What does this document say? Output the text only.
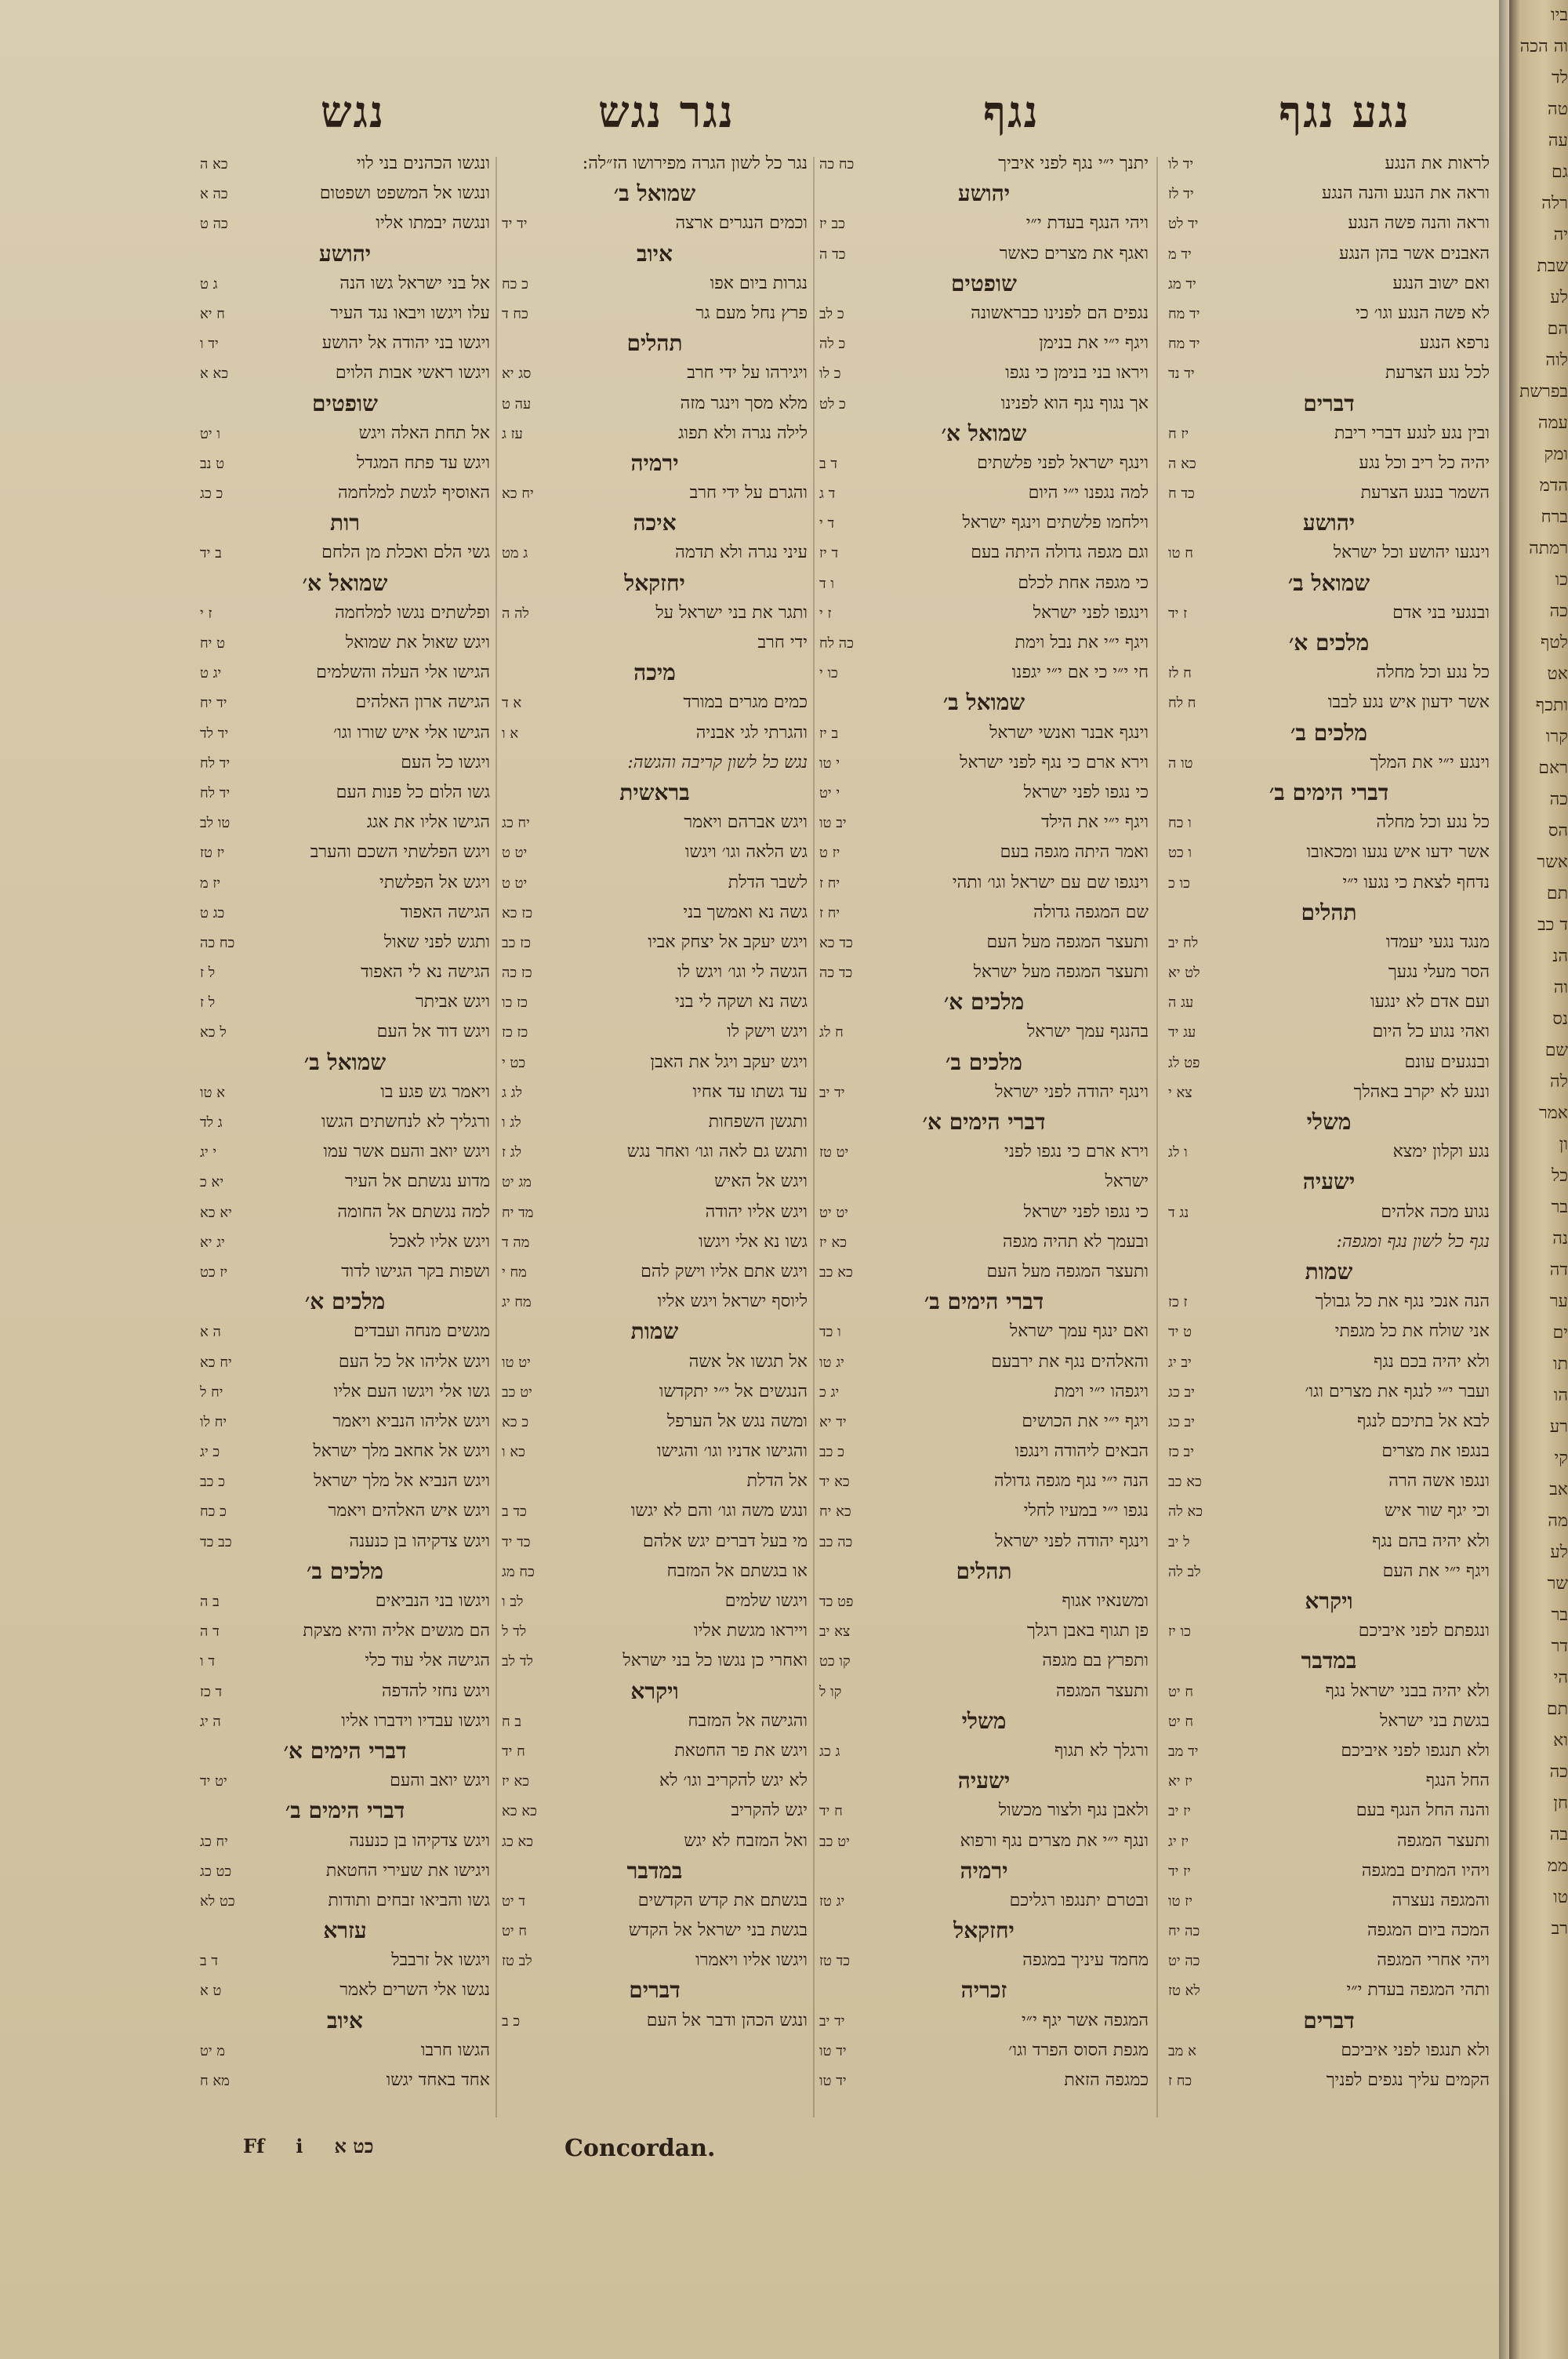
נגע נגף
נגף
נגר נגש
נגש
לראות את הנגע
יד לו
וראה את הנגע והנה הנגע
יד לז
וראה והנה פשה הנגע
יד לט
האבנים אשר בהן הנגע
יד מ
ואם ישוב הנגע
יד מג
לא פשה הנגע וגו׳ כי
יד מח
נרפא הנגע
יד מח
לכל נגע הצרעת
יד נד
דברים
ובין נגע לנגע דברי ריבת
יז ח
יהיה כל ריב וכל נגע
כא ה
השמר בנגע הצרעת
כד ח
יהושע
וינגעו יהושע וכל ישראל
ח טו
שמואל ב׳
ובנגעי בני אדם
ז יד
מלכים א׳
כל נגע וכל מחלה
ח לז
אשר ידעון איש נגע לבבו
ח לח
מלכים ב׳
וינגע י״י את המלך
טו ה
דברי הימים ב׳
כל נגע וכל מחלה
ו כח
אשר ידעו איש נגעו ומכאובו
ו כט
נדחף לצאת כי נגעו י״י
כו כ
תהלים
מנגד נגעי יעמדו
לח יב
הסר מעלי נגעך
לט יא
ועם אדם לא ינגעו
עג ה
ואהי נגוע כל היום
עג יד
ובנגעים עונם
פט לג
ונגע לא יקרב באהלך
צא י
משלי
נגע וקלון ימצא
ו לג
ישעיה
נגוע מכה אלהים
נג ד
נגף כל לשון נגף ומגפה:
שמות
הנה אנכי נגף את כל גבולך
ז כז
אני שולח את כל מגפתי
ט יד
ולא יהיה בכם נגף
יב יג
ועבר י״י לנגף את מצרים וגו׳
יב כג
לבא אל בתיכם לנגף
יב כג
בנגפו את מצרים
יב כז
ונגפו אשה הרה
כא כב
וכי יגף שור איש
כא לה
ולא יהיה בהם נגף
ל יב
ויגף י״י את העם
לב לה
ויקרא
ונגפתם לפני איביכם
כו יז
במדבר
ולא יהיה בבני ישראל נגף
ח יט
בגשת בני ישראל
ח יט
ולא תנגפו לפני איביכם
יד מב
החל הנגף
יז יא
והנה החל הנגף בעם
יז יב
ותעצר המגפה
יז יג
ויהיו המתים במגפה
יז יד
והמגפה נעצרה
יז טו
המכה ביום המגפה
כה יח
ויהי אחרי המגפה
כה יט
ותהי המגפה בעדת י״י
לא טז
דברים
ולא תנגפו לפני איביכם
א מב
הקמים עליך נגפים לפניך
כח ז
יתנך י״י נגף לפני איביך
כח כה
יהושע
ויהי הנגף בעדת י״י
כב יז
ואגף את מצרים כאשר
כד ה
שופטים
נגפים הם לפנינו כבראשונה
כ לב
ויגף י״י את בנימן
כ לה
ויראו בני בנימן כי נגפו
כ לו
אך נגוף נגף הוא לפנינו
כ לט
שמואל א׳
וינגף ישראל לפני פלשתים
ד ב
למה נגפנו י״י היום
ד ג
וילחמו פלשתים וינגף ישראל
ד י
וגם מגפה גדולה היתה בעם
ד יז
כי מגפה אחת לכלם
ו ד
וינגפו לפני ישראל
ז י
ויגף י״י את נבל וימת
כה לח
חי י״י כי אם י״י יגפנו
כו י
שמואל ב׳
וינגף אבנר ואנשי ישראל
ב יז
וירא ארם כי נגף לפני ישראל
י טו
כי נגפו לפני ישראל
י יט
ויגף י״י את הילד
יב טו
ואמר היתה מגפה בעם
יז ט
וינגפו שם עם ישראל וגו׳ ותהי
יח ז
שם המגפה גדולה
יח ז
ותעצר המגפה מעל העם
כד כא
ותעצר המגפה מעל ישראל
כד כה
מלכים א׳
בהנגף עמך ישראל
ח לג
מלכים ב׳
וינגף יהודה לפני ישראל
יד יב
דברי הימים א׳
וירא ארם כי נגפו לפני
יט טז
ישראל
כי נגפו לפני ישראל
יט יט
ובעמך לא תהיה מגפה
כא יז
ותעצר המגפה מעל העם
כא כב
דברי הימים ב׳
ואם ינגף עמך ישראל
ו כד
והאלהים נגף את ירבעם
יג טו
ויגפהו י״י וימת
יג כ
ויגף י״י את הכושים
יד יא
הבאים ליהודה וינגפו
כ כב
הנה י״י נגף מגפה גדולה
כא יד
נגפו י״י במעיו לחלי
כא יח
וינגף יהודה לפני ישראל
כה כב
תהלים
ומשנאיו אגוף
פט כד
פן תגוף באבן רגלך
צא יב
ותפרץ בם מגפה
קו כט
ותעצר המגפה
קו ל
משלי
ורגלך לא תגוף
ג כג
ישעיה
ולאבן נגף ולצור מכשול
ח יד
ונגף י״י את מצרים נגף ורפוא
יט כב
ירמיה
ובטרם יתנגפו רגליכם
יג טז
יחזקאל
מחמד עיניך במגפה
כד טז
זכריה
המגפה אשר יגף י״י
יד יב
מגפת הסוס הפרד וגו׳
יד טו
כמגפה הזאת
יד טו
נגר כל לשון הגרה מפירושו הז״לה:
שמואל ב׳
וכמים הנגרים ארצה
יד יד
איוב
נגרות ביום אפו
כ כח
פרץ נחל מעם גר
כח ד
תהלים
ויגירהו על ידי חרב
סג יא
מלא מסך וינגר מזה
עה ט
לילה נגרה ולא תפוג
עז ג
ירמיה
והגרם על ידי חרב
יח כא
איכה
עיני נגרה ולא תדמה
ג מט
יחזקאל
ותגר את בני ישראל על
לה ה
ידי חרב
מיכה
כמים מגרים במורד
א ד
והגרתי לגי אבניה
א ו
נגש כל לשון קריבה והגשה:
בראשית
ויגש אברהם ויאמר
יח כג
גש הלאה וגו׳ ויגשו
יט ט
לשבר הדלת
יט ט
גשה נא ואמשך בני
כז כא
ויגש יעקב אל יצחק אביו
כז כב
הגשה לי וגו׳ ויגש לו
כז כה
גשה נא ושקה לי בני
כז כו
ויגש וישק לו
כז כז
ויגש יעקב ויגל את האבן
כט י
עד גשתו עד אחיו
לג ג
ותגשן השפחות
לג ו
ותגש גם לאה וגו׳ ואחר נגש
לג ז
ויגש אל האיש
מג יט
ויגש אליו יהודה
מד יח
גשו נא אלי ויגשו
מה ד
ויגש אתם אליו וישק להם
מח י
ליוסף ישראל ויגש אליו
מח יג
שמות
אל תגשו אל אשה
יט טו
הנגשים אל י״י יתקדשו
יט כב
ומשה נגש אל הערפל
כ כא
והגישו אדניו וגו׳ והגישו
כא ו
אל הדלת
ונגש משה וגו׳ והם לא יגשו
כד ב
מי בעל דברים יגש אלהם
כד יד
או בגשתם אל המזבח
כח מג
ויגשו שלמים
לב ו
וייראו מגשת אליו
לד ל
ואחרי כן נגשו כל בני ישראל
לד לב
ויקרא
והגישה אל המזבח
ב ח
ויגש את פר החטאת
ח יד
לא יגש להקריב וגו׳ לא
כא יז
יגש להקריב
כא כא
ואל המזבח לא יגש
כא כג
במדבר
בגשתם את קדש הקדשים
ד יט
בגשת בני ישראל אל הקדש
ח יט
ויגשו אליו ויאמרו
לב טז
דברים
ונגש הכהן ודבר אל העם
כ ב
ונגשו הכהנים בני לוי
כא ה
ונגשו אל המשפט ושפטום
כה א
ונגשה יבמתו אליו
כה ט
יהושע
אל בני ישראל גשו הנה
ג ט
עלו ויגשו ויבאו נגד העיר
ח יא
ויגשו בני יהודה אל יהושע
יד ו
ויגשו ראשי אבות הלוים
כא א
שופטים
אל תחת האלה ויגש
ו יט
ויגש עד פתח המגדל
ט נב
האוסיף לגשת למלחמה
כ כג
רות
גשי הלם ואכלת מן הלחם
ב יד
שמואל א׳
ופלשתים נגשו למלחמה
ז י
ויגש שאול את שמואל
ט יח
הגישו אלי העלה והשלמים
יג ט
הגישה ארון האלהים
יד יח
הגישו אלי איש שורו וגו׳
יד לד
ויגשו כל העם
יד לח
גשו הלום כל פנות העם
יד לח
הגישו אליו את אגג
טו לב
ויגש הפלשתי השכם והערב
יז טז
ויגש אל הפלשתי
יז מ
הגישה האפוד
כג ט
ותגש לפני שאול
כח כה
הגישה נא לי האפוד
ל ז
ויגש אביתר
ל ז
ויגש דוד אל העם
ל כא
שמואל ב׳
ויאמר גש פגע בו
א טו
ורגליך לא לנחשתים הגשו
ג לד
ויגש יואב והעם אשר עמו
י יג
מדוע נגשתם אל העיר
יא כ
למה נגשתם אל החומה
יא כא
ויגש אליו לאכל
יג יא
ושפות בקר הגישו לדוד
יז כט
מלכים א׳
מגשים מנחה ועבדים
ה א
ויגש אליהו אל כל העם
יח כא
גשו אלי ויגשו העם אליו
יח ל
ויגש אליהו הנביא ויאמר
יח לו
ויגש אל אחאב מלך ישראל
כ יג
ויגש הנביא אל מלך ישראל
כ כב
ויגש איש האלהים ויאמר
כ כח
ויגש צדקיהו בן כנענה
כב כד
מלכים ב׳
ויגשו בני הנביאים
ב ה
הם מגשים אליה והיא מצקת
ד ה
הגישה אלי עוד כלי
ד ו
ויגש נחזי להדפה
ד כז
ויגשו עבדיו וידברו אליו
ה יג
דברי הימים א׳
ויגש יואב והעם
יט יד
דברי הימים ב׳
ויגש צדקיהו בן כנענה
יח כג
ויגישו את שעירי החטאת
כט כג
גשו והביאו זבחים ותודות
כט לא
עזרא
ויגשו אל זרבבל
ד ב
נגשו אלי השרים לאמר
ט א
איוב
הגשו חרבו
מ יט
אחד באחד יגשו
מא ח
Ff i כט א	Concordan.
ביו
וה הכה
לד
טה
עה
גם
רלה
יה
שבת
לע
הם
לוה
בפרשת
עמה
ומק
הדמ
ברח
רמתה
כו
כה
לטף
אט
ותכף
קרו
ראם
כה
הס
אשר
תם
ד כב
הנ
וה
נס
שם
לה
אמר
ון
כל
בר
נה
דה
ער
ים
תו
הו
רע
קי
אב
מה
לע
שר
בר
דר
הי
תם
וא
כה
חן
בה
ממ
טו
רב
